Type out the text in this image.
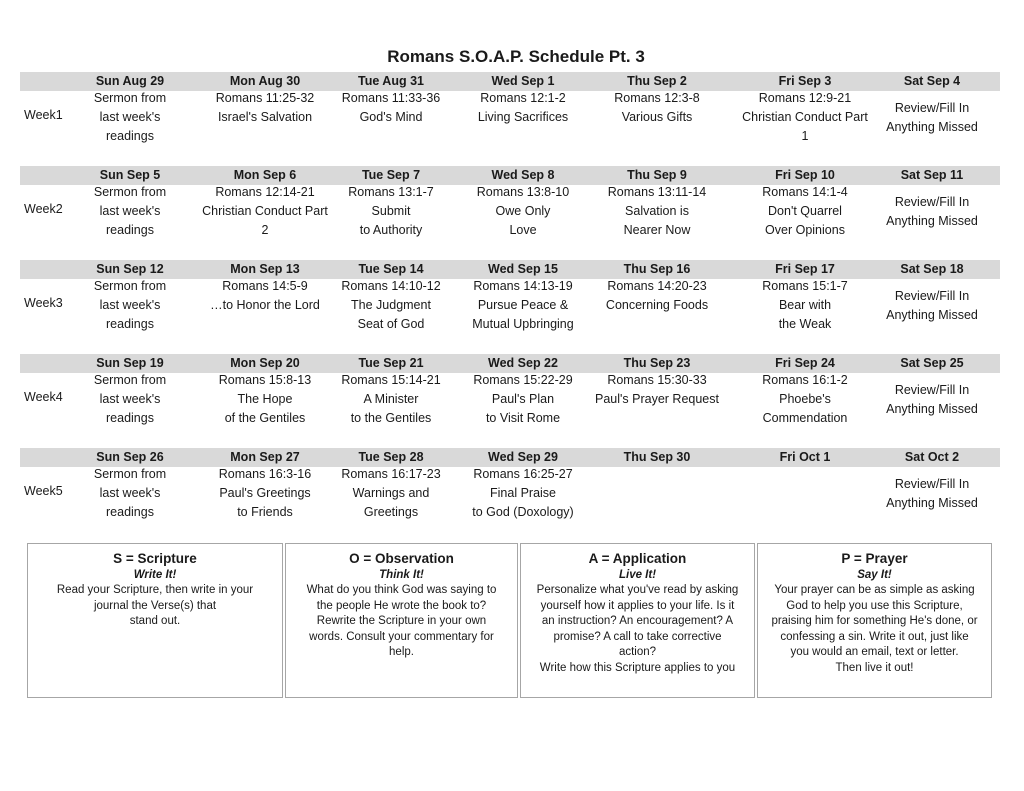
Romans S.O.A.P. Schedule Pt. 3
Week1
Sun Aug 29
Sermon from
last week's
readings
Mon Aug 30
Romans 11:25-32
Israel's Salvation
Tue Aug 31
Romans 11:33-36
God's Mind
Wed Sep 1
Romans 12:1-2
Living Sacrifices
Thu Sep 2
Romans 12:3-8
Various Gifts
Fri Sep 3
Romans 12:9-21
Christian Conduct Part
1
Sat Sep 4
Review/Fill In
Anything Missed
Week2
Sun Sep 5
Sermon from
last week's
readings
Mon Sep 6
Romans 12:14-21
Christian Conduct Part
2
Tue Sep 7
Romans 13:1-7
Submit
to Authority
Wed Sep 8
Romans 13:8-10
Owe Only
Love
Thu Sep 9
Romans 13:11-14
Salvation is
Nearer Now
Fri Sep 10
Romans 14:1-4
Don't Quarrel
Over Opinions
Sat Sep 11
Review/Fill In
Anything Missed
Week3
Sun Sep 12
Sermon from
last week's
readings
Mon Sep 13
Romans 14:5-9
…to Honor the Lord
Tue Sep 14
Romans 14:10-12
The Judgment
Seat of God
Wed Sep 15
Romans 14:13-19
Pursue Peace &
Mutual Upbringing
Thu Sep 16
Romans 14:20-23
Concerning Foods
Fri Sep 17
Romans 15:1-7
Bear with
the Weak
Sat Sep 18
Review/Fill In
Anything Missed
Week4
Sun Sep 19
Sermon from
last week's
readings
Mon Sep 20
Romans 15:8-13
The Hope
of the Gentiles
Tue Sep 21
Romans 15:14-21
A Minister
to the Gentiles
Wed Sep 22
Romans 15:22-29
Paul's Plan
to Visit Rome
Thu Sep 23
Romans 15:30-33
Paul's Prayer Request
Fri Sep 24
Romans 16:1-2
Phoebe's
Commendation
Sat Sep 25
Review/Fill In
Anything Missed
Week5
Sun Sep 26
Sermon from
last week's
readings
Mon Sep 27
Romans 16:3-16
Paul's Greetings
to Friends
Tue Sep 28
Romans 16:17-23
Warnings and
Greetings
Wed Sep 29
Romans 16:25-27
Final Praise
to God (Doxology)
Thu Sep 30	Fri Oct 1	Sat Oct 2
Review/Fill In
Anything Missed
S = Scripture
Write It!
Read your Scripture, then write in your
journal the Verse(s) that
stand out.
O = Observation
Think It!
What do you think God was saying to
the people He wrote the book to?
Rewrite the Scripture in your own
words. Consult your commentary for
help.
A = Application
Live It!
Personalize what you've read by asking
yourself how it applies to your life. Is it
an instruction? An encouragement? A
promise? A call to take corrective
action?
Write how this Scripture applies to you
P = Prayer
Say It!
Your prayer can be as simple as asking
God to help you use this Scripture,
praising him for something He's done, or
confessing a sin. Write it out, just like
you would an email, text or letter.
Then live it out!
